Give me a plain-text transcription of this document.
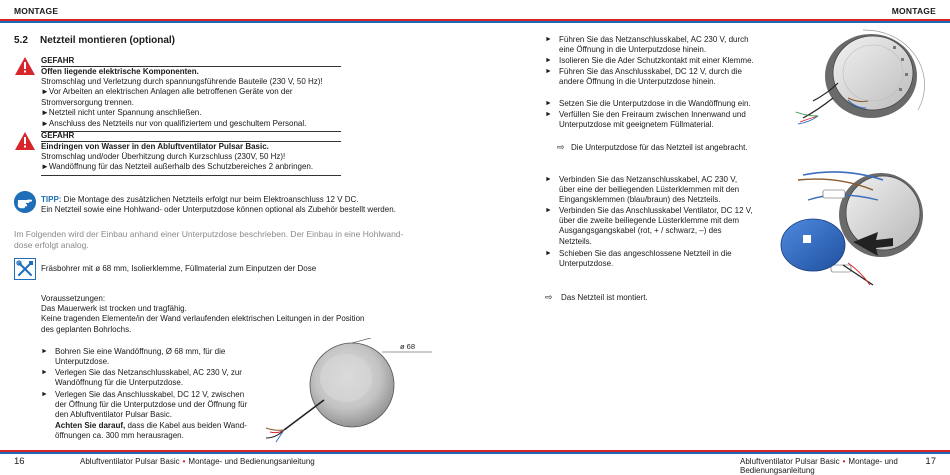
MONTAGE
5.2 Netzteil montieren (optional)
GEFAHR
Offen liegende elektrische Komponenten.
Stromschlag und Verletzung durch spannungsführende Bauteile (230 V, 50 Hz)!
►Vor Arbeiten an elektrischen Anlagen alle betroffenen Geräte von der Stromversorgung trennen.
►Netzteil nicht unter Spannung anschließen.
►Anschluss des Netzteils nur von qualifiziertem und geschultem Personal.
GEFAHR
Eindringen von Wasser in den Abluftventilator Pulsar Basic.
Stromschlag und/oder Überhitzung durch Kurzschluss (230V, 50 Hz)!
►Wandöffnung für das Netzteil außerhalb des Schutzbereiches 2 anbringen.
TIPP: Die Montage des zusätzlichen Netzteils erfolgt nur beim Elektroanschluss 12 V DC.
Ein Netzteil sowie eine Hohlwand- oder Unterputzdose können optional als Zubehör bestellt werden.
Im Folgenden wird der Einbau anhand einer Unterputzdose beschrieben. Der Einbau in eine Hohlwand-
dose erfolgt analog.
Fräsbohrer mit ø 68 mm, Isolierklemme, Füllmaterial zum Einputzen der Dose
Voraussetzungen:
Das Mauerwerk ist trocken und tragfähig.
Keine tragenden Elemente/in der Wand verlaufenden elektrischen Leitungen in der Position
des geplanten Bohrlochs.
► Bohren Sie eine Wandöffnung, Ø 68 mm, für die
Unterputzdose.
► Verlegen Sie das Netzanschlusskabel, AC 230 V, zur
Wandöffnung für die Unterputzdose.
► Verlegen Sie das Anschlusskabel, DC 12 V, zwischen
der Öffnung für die Unterputzdose und der Öffnung für
den Abluftventilator Pulsar Basic.
Achten Sie darauf, dass die Kabel aus beiden Wand-
öffnungen ca. 300 mm herausragen.
ø 68
16	Abluftventilator Pulsar Basic • Montage- und Bedienungsanleitung
MONTAGE
► Führen Sie das Netzanschlusskabel, AC 230 V, durch
eine Öffnung in die Unterputzdose hinein.
► Isolieren Sie die Ader Schutzkontakt mit einer Klemme.
► Führen Sie das Anschlusskabel, DC 12 V, durch die
andere Öffnung in die Unterputzdose hinein.
► Setzen Sie die Unterputzdose in die Wandöffnung ein.
► Verfüllen Sie den Freiraum zwischen Innenwand und
Unterputzdose mit geeignetem Füllmaterial.
⇨ Die Unterputzdose für das Netzteil ist angebracht.
► Verbinden Sie das Netzanschlusskabel, AC 230 V,
über eine der beiliegenden Lüsterklemmen mit den
Eingangsklemmen (blau/braun) des Netzteils.
► Verbinden Sie das Anschlusskabel Ventilator, DC 12 V,
über die zweite beiliegende Lüsterklemme mit dem
Ausgangsgangskabel (rot, + / schwarz, –) des
Netzteils.
► Schieben Sie das angeschlossene Netzteil in die
Unterputzdose.
⇨ Das Netzteil ist montiert.
Abluftventilator Pulsar Basic • Montage- und Bedienungsanleitung
17
